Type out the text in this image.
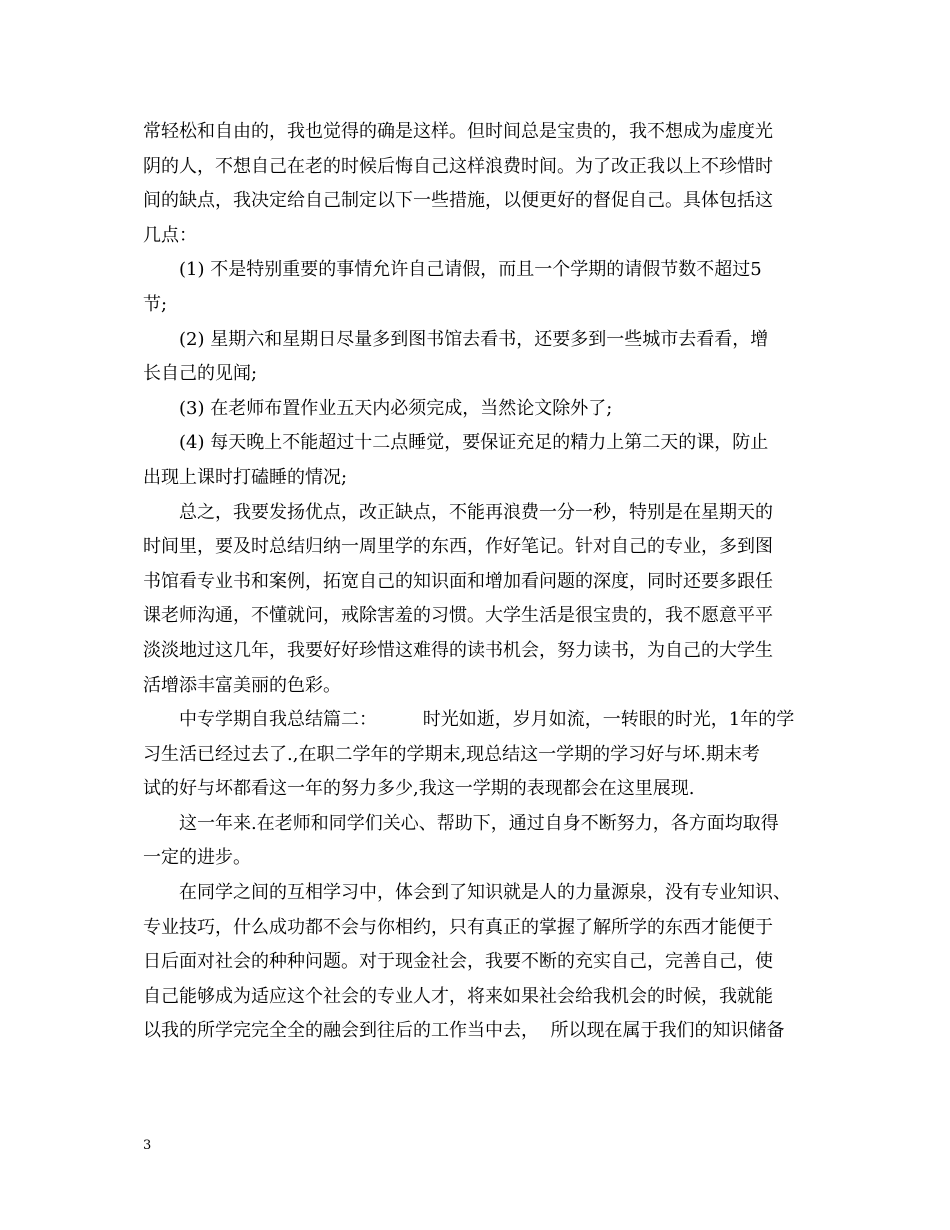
常轻松和自由的，我也觉得的确是这样。但时间总是宝贵的，我不想成为虚度光
阴的人，不想自己在老的时候后悔自己这样浪费时间。为了改正我以上不珍惜时
间的缺点，我决定给自己制定以下一些措施，以便更好的督促自己。具体包括这
几点：
(1) 不是特别重要的事情允许自己请假，而且一个学期的请假节数不超过5
节;
(2) 星期六和星期日尽量多到图书馆去看书，还要多到一些城市去看看，增
长自己的见闻;
(3) 在老师布置作业五天内必须完成，当然论文除外了;
(4) 每天晚上不能超过十二点睡觉，要保证充足的精力上第二天的课，防止
出现上课时打磕睡的情况;
总之，我要发扬优点，改正缺点，不能再浪费一分一秒，特别是在星期天的
时间里，要及时总结归纳一周里学的东西，作好笔记。针对自己的专业，多到图
书馆看专业书和案例，拓宽自己的知识面和增加看问题的深度，同时还要多跟任
课老师沟通，不懂就问，戒除害羞的习惯。大学生活是很宝贵的，我不愿意平平
淡淡地过这几年，我要好好珍惜这难得的读书机会，努力读书，为自己的大学生
活增添丰富美丽的色彩。
中专学期自我总结篇二：        时光如逝，岁月如流，一转眼的时光，1年的学
习生活已经过去了.,在职二学年的学期末,现总结这一学期的学习好与坏.期末考
试的好与坏都看这一年的努力多少,我这一学期的表现都会在这里展现.
这一年来.在老师和同学们关心、帮助下，通过自身不断努力，各方面均取得
一定的进步。
在同学之间的互相学习中，体会到了知识就是人的力量源泉，没有专业知识、
专业技巧，什么成功都不会与你相约，只有真正的掌握了解所学的东西才能便于
日后面对社会的种种问题。对于现金社会，我要不断的充实自己，完善自己，使
自己能够成为适应这个社会的专业人才，将来如果社会给我机会的时候，我就能
以我的所学完完全全的融会到往后的工作当中去，  所以现在属于我们的知识储备
3
